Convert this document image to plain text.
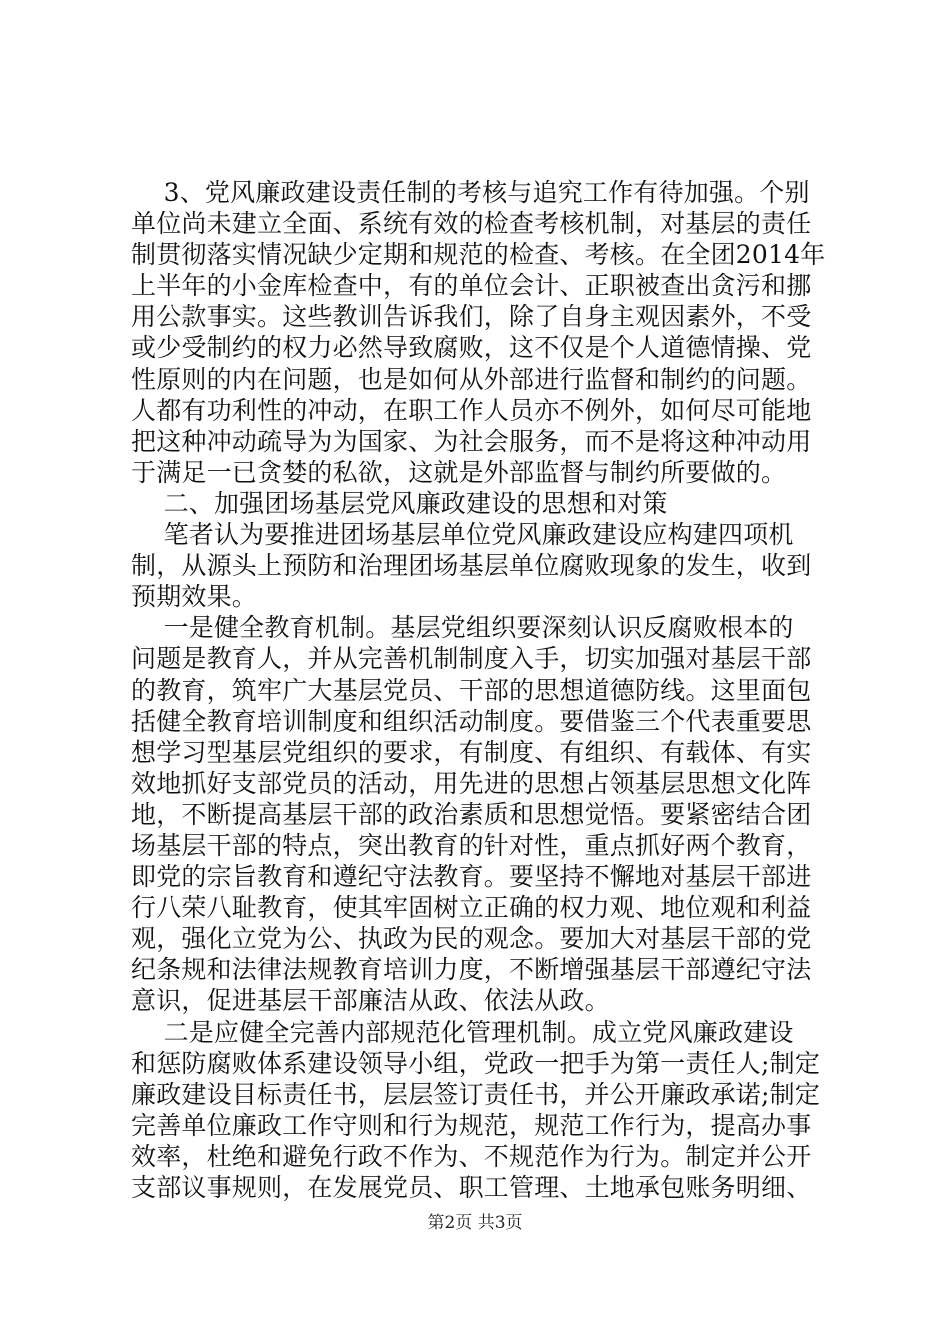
3、党风廉政建设责任制的考核与追究工作有待加强。个别
单位尚未建立全面、系统有效的检查考核机制，对基层的责任
制贯彻落实情况缺少定期和规范的检查、考核。在全团2014年
上半年的小金库检查中，有的单位会计、正职被查出贪污和挪
用公款事实。这些教训告诉我们，除了自身主观因素外，不受
或少受制约的权力必然导致腐败，这不仅是个人道德情操、党
性原则的内在问题，也是如何从外部进行监督和制约的问题。
人都有功利性的冲动，在职工作人员亦不例外，如何尽可能地
把这种冲动疏导为为国家、为社会服务，而不是将这种冲动用
于满足一已贪婪的私欲，这就是外部监督与制约所要做的。
二、加强团场基层党风廉政建设的思想和对策
笔者认为要推进团场基层单位党风廉政建设应构建四项机
制，从源头上预防和治理团场基层单位腐败现象的发生，收到
预期效果。
一是健全教育机制。基层党组织要深刻认识反腐败根本的
问题是教育人，并从完善机制制度入手，切实加强对基层干部
的教育，筑牢广大基层党员、干部的思想道德防线。这里面包
括健全教育培训制度和组织活动制度。要借鉴三个代表重要思
想学习型基层党组织的要求，有制度、有组织、有载体、有实
效地抓好支部党员的活动，用先进的思想占领基层思想文化阵
地，不断提高基层干部的政治素质和思想觉悟。要紧密结合团
场基层干部的特点，突出教育的针对性，重点抓好两个教育，
即党的宗旨教育和遵纪守法教育。要坚持不懈地对基层干部进
行八荣八耻教育，使其牢固树立正确的权力观、地位观和利益
观，强化立党为公、执政为民的观念。要加大对基层干部的党
纪条规和法律法规教育培训力度，不断增强基层干部遵纪守法
意识，促进基层干部廉洁从政、依法从政。
二是应健全完善内部规范化管理机制。成立党风廉政建设
和惩防腐败体系建设领导小组，党政一把手为第一责任人;制定
廉政建设目标责任书，层层签订责任书，并公开廉政承诺;制定
完善单位廉政工作守则和行为规范，规范工作行为，提高办事
效率，杜绝和避免行政不作为、不规范作为行为。制定并公开
支部议事规则，在发展党员、职工管理、土地承包账务明细、
第2页 共3页
